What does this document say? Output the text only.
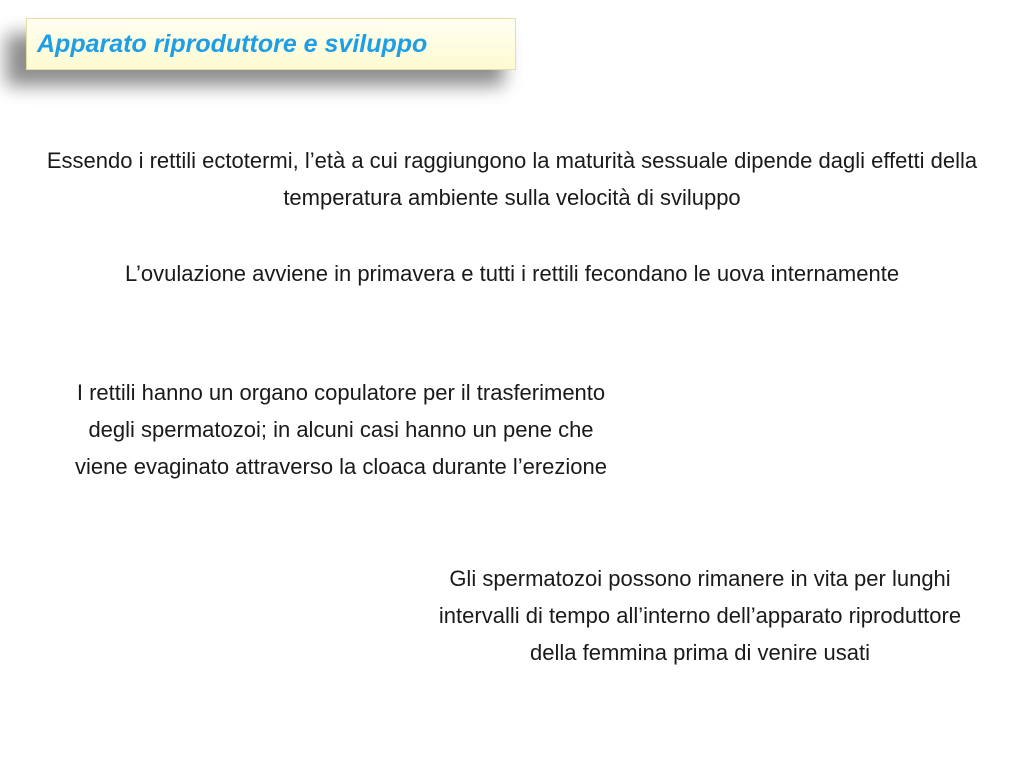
Apparato riproduttore e sviluppo
Essendo i rettili ectotermi, l’età a cui raggiungono la maturità sessuale dipende dagli effetti della temperatura ambiente sulla velocità di sviluppo
L’ovulazione avviene in primavera e tutti i rettili fecondano le uova internamente
I rettili hanno un organo copulatore per il trasferimento degli spermatozoi; in alcuni casi hanno un pene che viene evaginato attraverso la cloaca durante l’erezione
Gli spermatozoi possono rimanere in vita per lunghi intervalli di tempo all’interno dell’apparato riproduttore della femmina prima di venire usati
